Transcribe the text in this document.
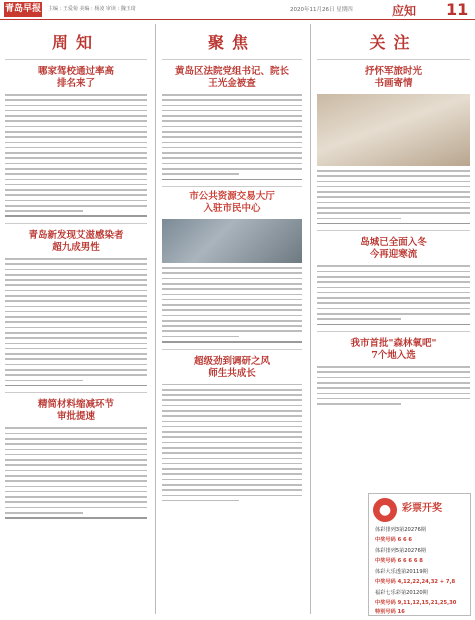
青岛早报 主编 : 王爱菊 美编 : 杨凌 审读 : 魏玉琦	2020年11月26日 星期四	应知 11
周知
哪家驾校通过率高
排名来了
青岛新发现艾滋感染者
超九成男性
精简材料缩减环节
审批提速
聚焦
黄岛区法院党组书记、院长
王光金被查
市公共资源交易大厅
入驻市民中心
超级劲到调研之风
师生共成长
关注
抒怀军旅时光
书画寄情
岛城已全面入冬
今再迎寒流
我市首批"森林氧吧"
7个地入选
●	彩票开奖
体彩排列3第20276期
中奖号码 6 6 6
体彩排列5第20276期
中奖号码 6 6 6 6 8
体彩大乐透第20119期
中奖号码 4,12,22,24,32 + 7,8
福彩七乐彩第20120期
中奖号码 9,11,12,15,21,25,30
特别号码 16
